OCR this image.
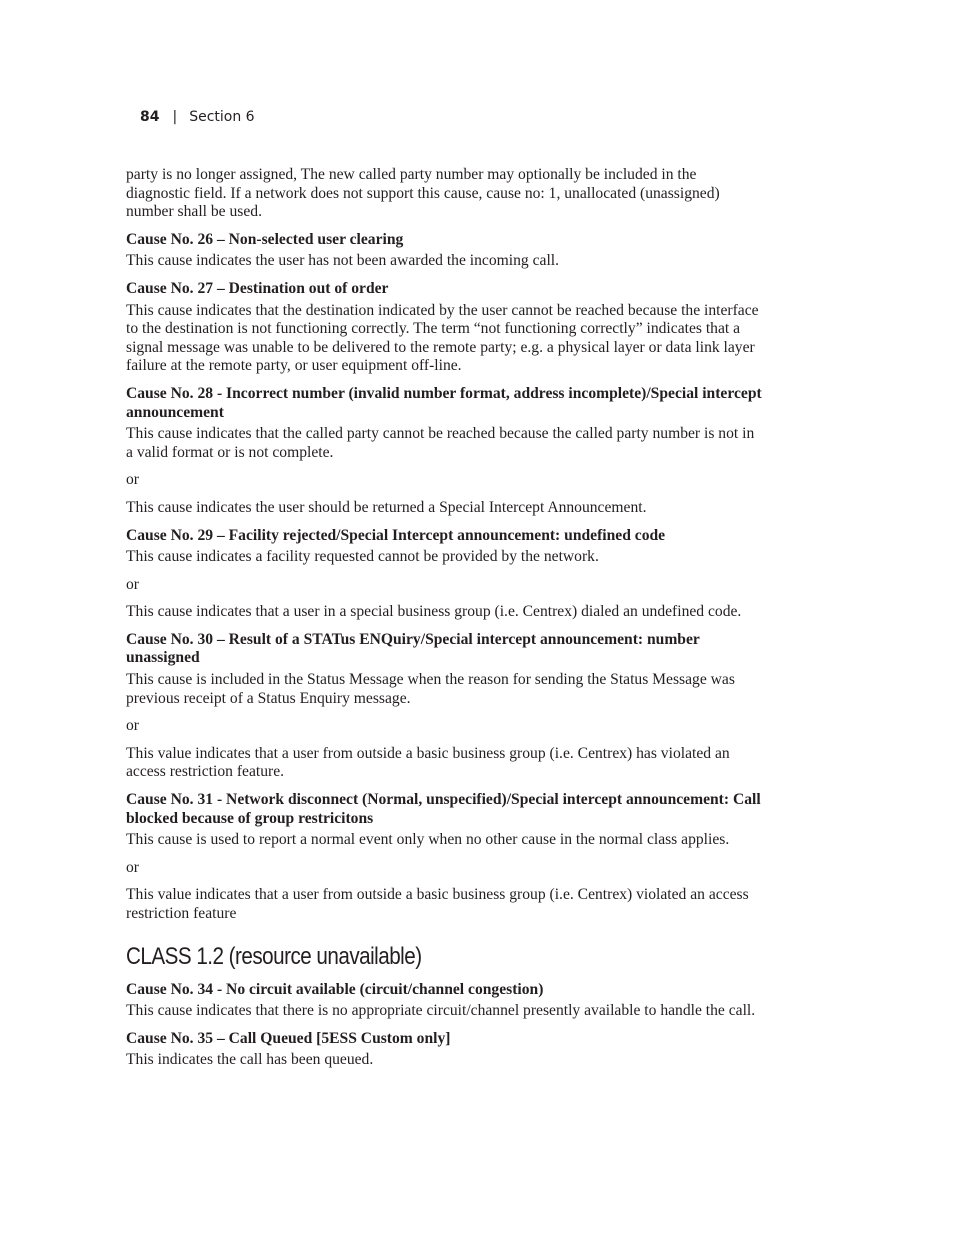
84 | Section 6

party is no longer assigned, The new called party number may optionally be included in the diagnostic field. If a network does not support this cause, cause no: 1, unallocated (unassigned) number shall be used.

Cause No. 26 – Non-selected user clearing

This cause indicates the user has not been awarded the incoming call.

Cause No. 27 – Destination out of order

This cause indicates that the destination indicated by the user cannot be reached because the interface to the destination is not functioning correctly. The term “not functioning correctly” indicates that a signal message was unable to be delivered to the remote party; e.g. a physical layer or data link layer failure at the remote party, or user equipment off-line.

Cause No. 28 - Incorrect number (invalid number format, address incomplete)/Special intercept announcement

This cause indicates that the called party cannot be reached because the called party number is not in a valid format or is not complete.

or

This cause indicates the user should be returned a Special Intercept Announcement.

Cause No. 29 – Facility rejected/Special Intercept announcement: undefined code

This cause indicates a facility requested cannot be provided by the network.

or

This cause indicates that a user in a special business group (i.e. Centrex) dialed an undefined code.

Cause No. 30 – Result of a STATus ENQuiry/Special intercept announcement: number unassigned

This cause is included in the Status Message when the reason for sending the Status Message was previous receipt of a Status Enquiry message.

or

This value indicates that a user from outside a basic business group (i.e. Centrex) has violated an access restriction feature.

Cause No. 31 - Network disconnect (Normal, unspecified)/Special intercept announcement: Call blocked because of group restricitons

This cause is used to report a normal event only when no other cause in the normal class applies.

or

This value indicates that a user from outside a basic business group (i.e. Centrex) violated an access restriction feature

CLASS 1.2 (resource unavailable)

Cause No. 34 - No circuit available (circuit/channel congestion)

This cause indicates that there is no appropriate circuit/channel presently available to handle the call.

Cause No. 35 – Call Queued [5ESS Custom only]

This indicates the call has been queued.
